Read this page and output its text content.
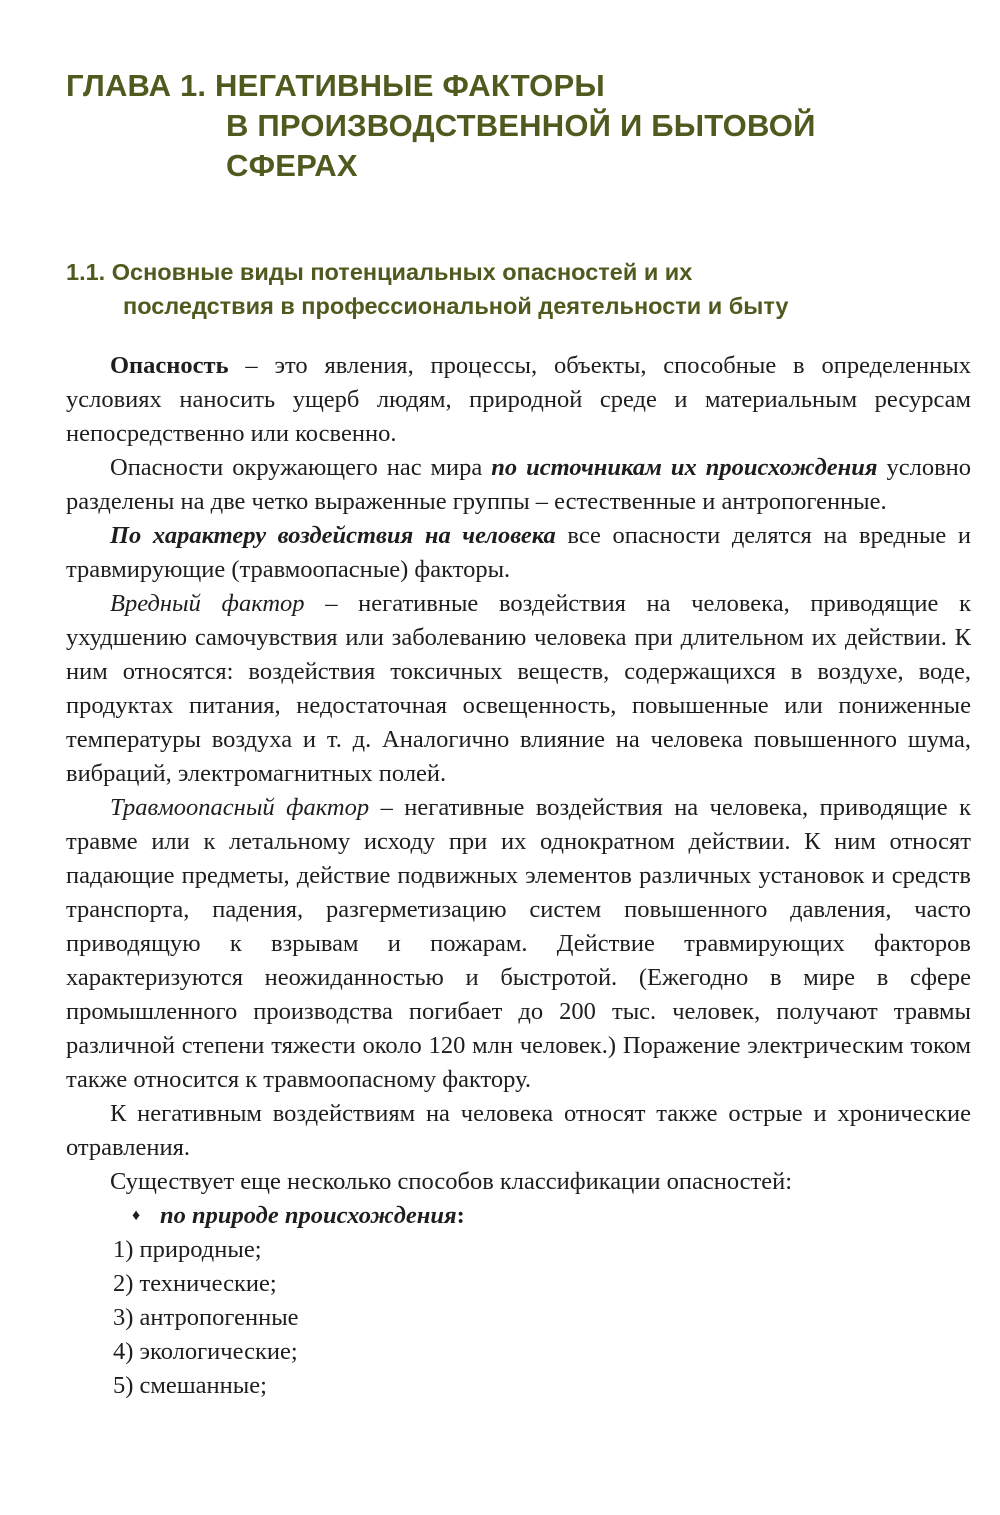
ГЛАВА 1. НЕГАТИВНЫЕ ФАКТОРЫ
В ПРОИЗВОДСТВЕННОЙ И БЫТОВОЙ
СФЕРАХ
1.1. Основные виды потенциальных опасностей и их
последствия в профессиональной деятельности и быту

Опасность – это явления, процессы, объекты, способные в определенных условиях наносить ущерб людям, природной среде и материальным ресурсам непосредственно или косвенно.

Опасности окружающего нас мира по источникам их происхождения условно разделены на две четко выраженные группы – естественные и антропогенные.

По характеру воздействия на человека все опасности делятся на вредные и травмирующие (травмоопасные) факторы.

Вредный фактор – негативные воздействия на человека, приводящие к ухудшению самочувствия или заболеванию человека при длительном их действии. К ним относятся: воздействия токсичных веществ, содержащихся в воздухе, воде, продуктах питания, недостаточная освещенность, повышенные или пониженные температуры воздуха и т. д. Аналогично влияние на человека повышенного шума, вибраций, электромагнитных полей.

Травмоопасный фактор – негативные воздействия на человека, приводящие к травме или к летальному исходу при их однократном действии. К ним относят падающие предметы, действие подвижных элементов различных установок и средств транспорта, падения, разгерметизацию систем повышенного давления, часто приводящую к взрывам и пожарам. Действие травмирующих факторов характеризуются неожиданностью и быстротой. (Ежегодно в мире в сфере промышленного производства погибает до 200 тыс. человек, получают травмы различной степени тяжести около 120 млн человек.) Поражение электрическим током также относится к травмоопасному фактору.

К негативным воздействиям на человека относят также острые и хронические отравления.

Существует еще несколько способов классификации опасностей:

♦ по природе происхождения:

1) природные;
2) технические;
3) антропогенные
4) экологические;
5) смешанные;
